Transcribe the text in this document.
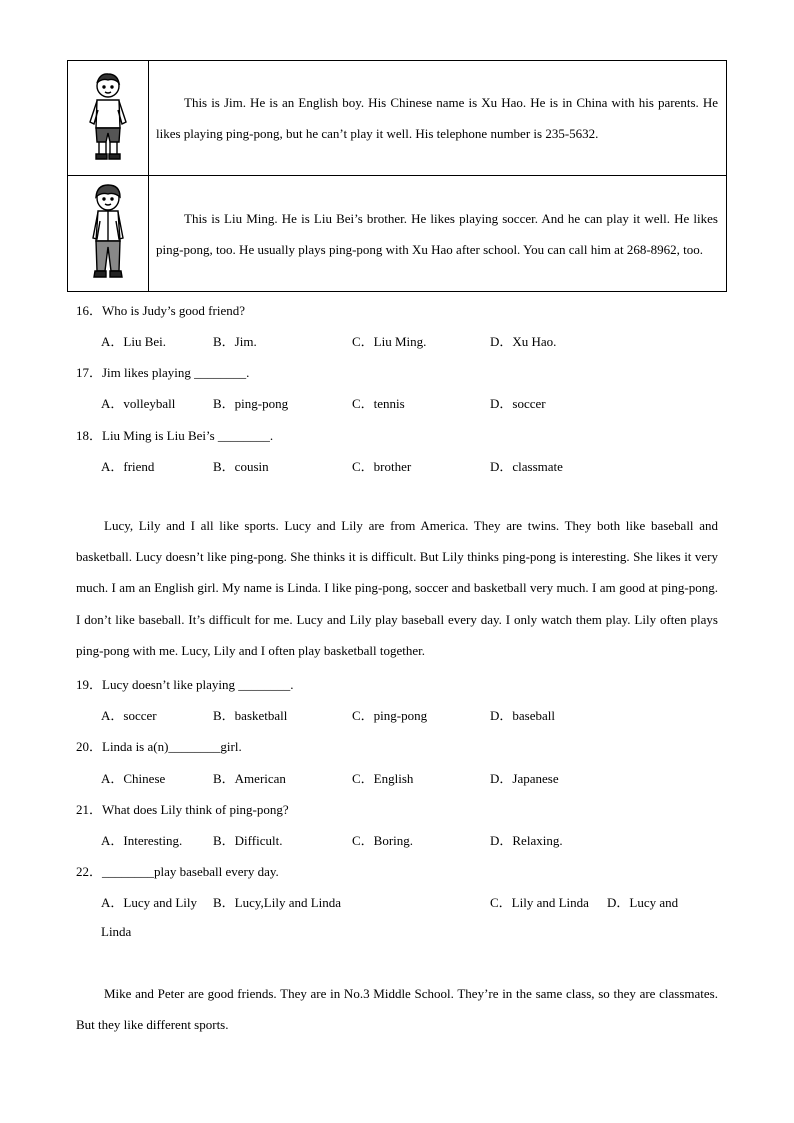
	This is Jim. He is an English boy. His Chinese name is Xu Hao. He is in China with his parents. He likes playing ping-pong, but he can’t play it well. His telephone number is 235-5632.
	This is Liu Ming. He is Liu Bei’s brother. He likes playing soccer. And he can play it well. He likes ping-pong, too. He usually plays ping-pong with Xu Hao after school. You can call him at 268-8962, too.
16．Who is Judy’s good friend?
A．Liu Bei.	B．Jim.	C．Liu Ming.	D．Xu Hao.
17．Jim likes playing ________.
A．volleyball	B．ping-pong	C．tennis	D．soccer
18．Liu Ming is Liu Bei’s ________.
A．friend	B．cousin	C．brother	D．classmate

Lucy, Lily and I all like sports. Lucy and Lily are from America. They are twins. They both like baseball and basketball. Lucy doesn’t like ping-pong. She thinks it is difficult. But Lily thinks ping-pong is interesting. She likes it very much. I am an English girl. My name is Linda. I like ping-pong, soccer and basketball very much. I am good at ping-pong. I don’t like baseball. It’s difficult for me. Lucy and Lily play baseball every day. I only watch them play. Lily often plays ping-pong with me. Lucy, Lily and I often play basketball together.

19．Lucy doesn’t like playing ________.
A．soccer	B．basketball	C．ping-pong	D．baseball
20．Linda is a(n)________girl.
A．Chinese	B．American	C．English	D．Japanese
21．What does Lily think of ping-pong?
A．Interesting. B．Difficult.	C．Boring.	D．Relaxing.
22．________play baseball every day.
A．Lucy and Lily B．Lucy,Lily and Linda	C．Lily and Linda D．Lucy and
Linda

Mike and Peter are good friends. They are in No.3 Middle School. They’re in the same class, so they are classmates. But they like different sports.
